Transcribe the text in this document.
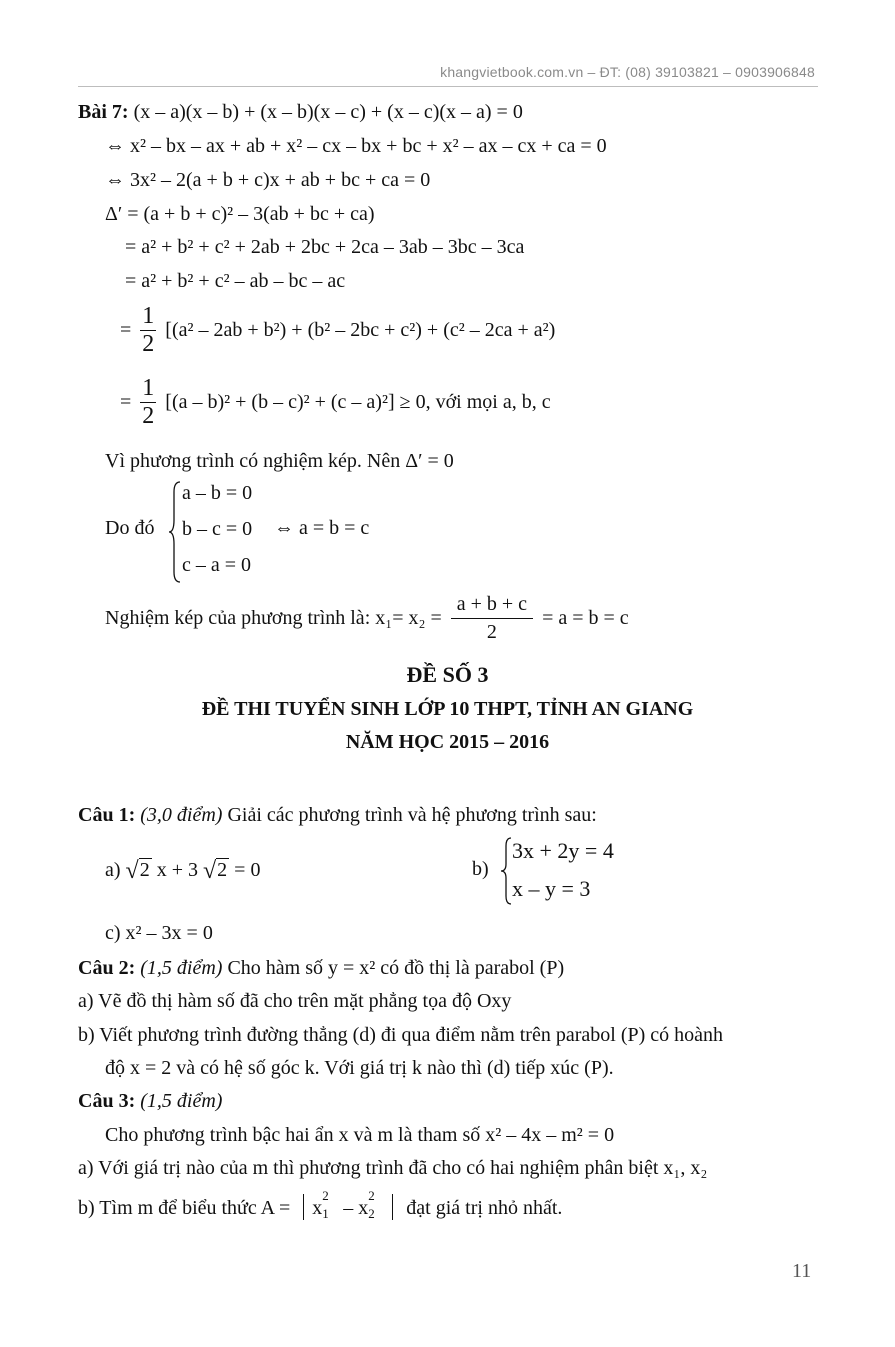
khangvietbook.com.vn – ĐT: (08) 39103821 – 0903906848
Bài 7: (x – a)(x – b) + (x – b)(x – c) + (x – c)(x – a) = 0
⇔ x² – bx – ax + ab + x² – cx – bx + bc + x² – ax – cx + ca = 0
⇔ 3x² – 2(a + b + c)x + ab + bc + ca = 0
Δ′ = (a + b + c)² – 3(ab + bc + ca)
= a² + b² + c² + 2ab + 2bc + 2ca – 3ab – 3bc – 3ca
= a² + b² + c² – ab – bc – ac
= $\frac{1}{2} [(a^2 - 2ab + b^2) + (b^2 - 2bc + c^2) + (c^2 - 2ca + a^2)$
= $\frac{1}{2} [(a - b)^2 + (b - c)^2 + (c - a)^2] \ge 0$, với mọi a, b, c
Vì phương trình có nghiệm kép. Nên Δ′ = 0
Do đó
a – b = 0
b – c = 0
c – a = 0
⇔ a = b = c
Nghiệm kép của phương trình là: $x_1= x_2 = \frac{a + b + c}{2} = a = b = c$
ĐỀ SỐ 3
ĐỀ THI TUYỂN SINH LỚP 10 THPT, TỈNH AN GIANG
NĂM HỌC 2015 – 2016
Câu 1: (3,0 điểm) Giải các phương trình và hệ phương trình sau:
a) √2 x + 3 √2 = 0	b)
3x + 2y = 4
x – y = 3
c) x² – 3x = 0
Câu 2: (1,5 điểm) Cho hàm số y = x² có đồ thị là parabol (P)
a) Vẽ đồ thị hàm số đã cho trên mặt phẳng tọa độ Oxy
b) Viết phương trình đường thẳng (d) đi qua điểm nằm trên parabol (P) có hoành
độ x = 2 và có hệ số góc k. Với giá trị k nào thì (d) tiếp xúc (P).
Câu 3: (1,5 điểm)
Cho phương trình bậc hai ẩn x và m là tham số x² – 4x – m² = 0
a) Với giá trị nào của m thì phương trình đã cho có hai nghiệm phân biệt x₁, x₂
b) Tìm m để biểu thức A = x
2
1 – x
2
2 đạt giá trị nhỏ nhất.
11
